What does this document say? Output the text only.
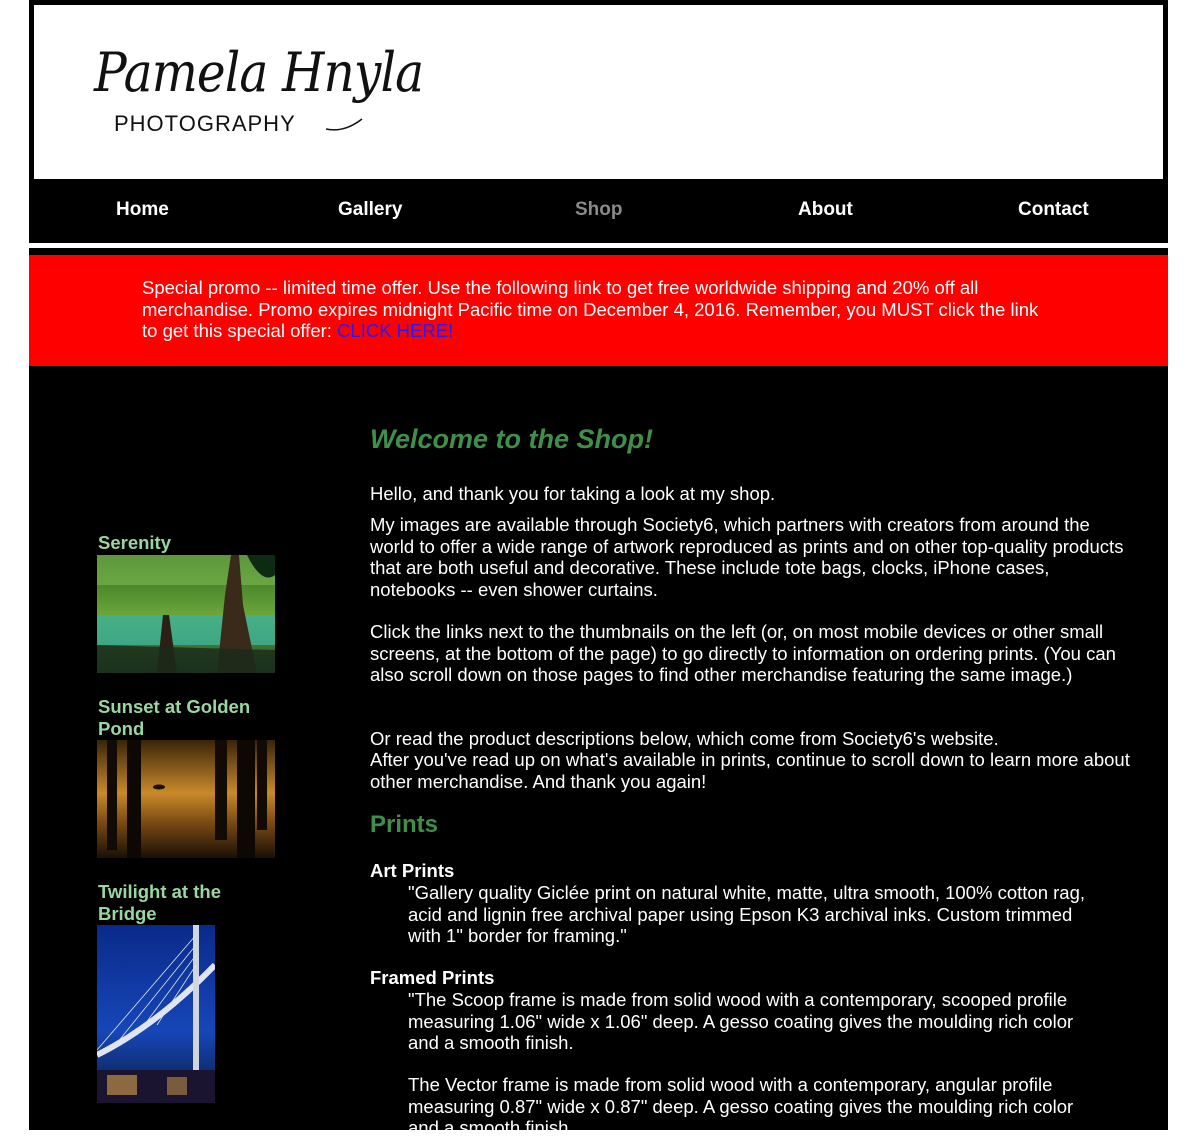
Pamela Hnyla
PHOTOGRAPHY
Home	Gallery	Shop	About	Contact
Special promo -- limited time offer. Use the following link to get free worldwide shipping and 20% off all merchandise. Promo expires midnight Pacific time on December 4, 2016. Remember, you MUST click the link to get this special offer: CLICK HERE!
Serenity
Sunset at Golden Pond
Twilight at the Bridge
Welcome to the Shop!

Hello, and thank you for taking a look at my shop.

My images are available through Society6, which partners with creators from around the world to offer a wide range of artwork reproduced as prints and on other top-quality products that are both useful and decorative. These include tote bags, clocks, iPhone cases, notebooks -- even shower curtains.

Click the links next to the thumbnails on the left (or, on most mobile devices or other small screens, at the bottom of the page) to go directly to information on ordering prints. (You can also scroll down on those pages to find other merchandise featuring the same image.)

Or read the product descriptions below, which come from Society6's website.

After you've read up on what's available in prints, continue to scroll down to learn more about other merchandise. And thank you again!

Prints
Art Prints

"Gallery quality Giclée print on natural white, matte, ultra smooth, 100% cotton rag, acid and lignin free archival paper using Epson K3 archival inks. Custom trimmed with 1" border for framing."

Framed Prints

"The Scoop frame is made from solid wood with a contemporary, scooped profile measuring 1.06" wide x 1.06" deep. A gesso coating gives the moulding rich color and a smooth finish.

The Vector frame is made from solid wood with a contemporary, angular profile measuring 0.87" wide x 0.87" deep. A gesso coating gives the moulding rich color and a smooth finish.
